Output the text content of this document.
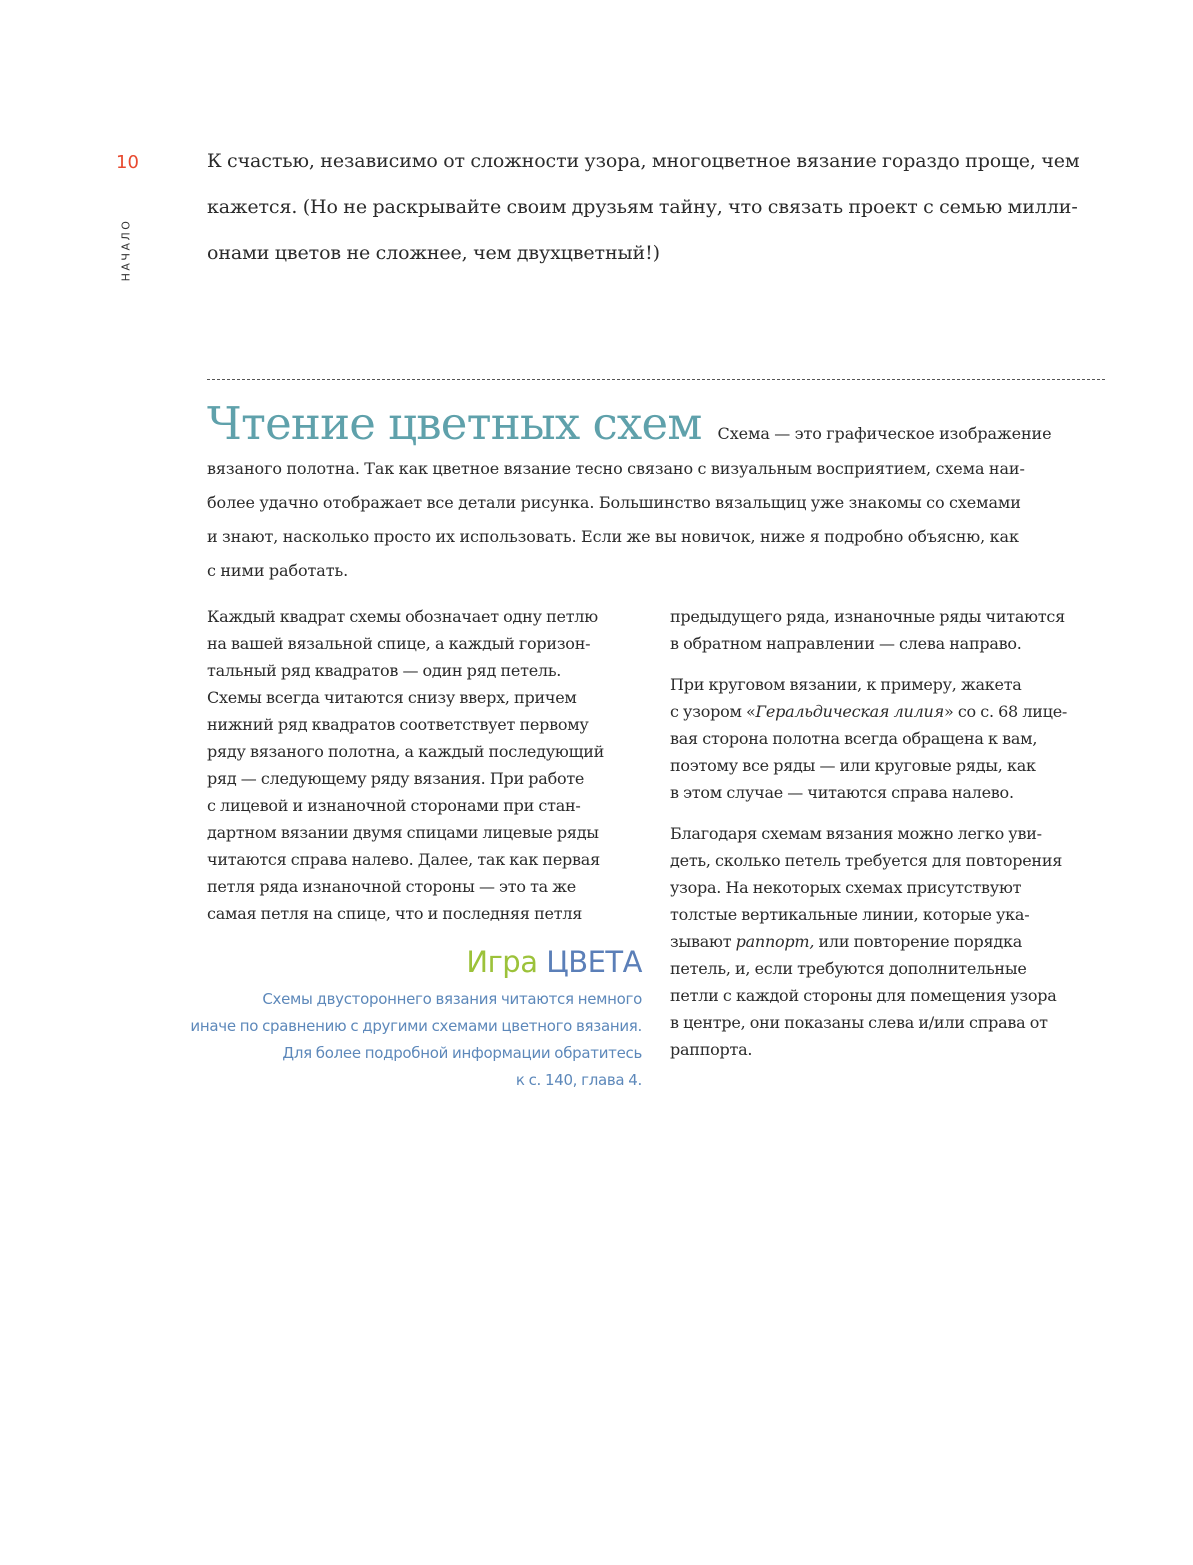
10
НАЧАЛО

К счастью, независимо от сложности узора, многоцветное вязание гораздо проще, чем
кажется. (Но не раскрывайте своим друзьям тайну, что связать проект с семью милли-
онами цветов не сложнее, чем двухцветный!)

Чтение цветных схем Схема — это графическое изображение
вязаного полотна. Так как цветное вязание тесно связано с визуальным восприятием, схема наи-
более удачно отображает все детали рисунка. Большинство вязальщиц уже знакомы со схемами
и знают, насколько просто их использовать. Если же вы новичок, ниже я подробно объясню, как
с ними работать.

Каждый квадрат схемы обозначает одну петлю
на вашей вязальной спице, а каждый горизон-
тальный ряд квадратов — один ряд петель.
Схемы всегда читаются снизу вверх, причем
нижний ряд квадратов соответствует первому
ряду вязаного полотна, а каждый последующий
ряд — следующему ряду вязания. При работе
с лицевой и изнаночной сторонами при стан-
дартном вязании двумя спицами лицевые ряды
читаются справа налево. Далее, так как первая
петля ряда изнаночной стороны — это та же
самая петля на спице, что и последняя петля

Игра ЦВЕТА

Схемы двустороннего вязания читаются немного
иначе по сравнению с другими схемами цветного вязания.
Для более подробной информации обратитесь
к с. 140, глава 4.

предыдущего ряда, изнаночные ряды читаются
в обратном направлении — слева направо.

При круговом вязании, к примеру, жакета
с узором «Геральдическая лилия» со с. 68 лице-
вая сторона полотна всегда обращена к вам,
поэтому все ряды — или круговые ряды, как
в этом случае — читаются справа налево.

Благодаря схемам вязания можно легко уви-
деть, сколько петель требуется для повторения
узора. На некоторых схемах присутствуют
толстые вертикальные линии, которые ука-
зывают раппорт, или повторение порядка
петель, и, если требуются дополнительные
петли с каждой стороны для помещения узора
в центре, они показаны слева и/или справа от
раппорта.
